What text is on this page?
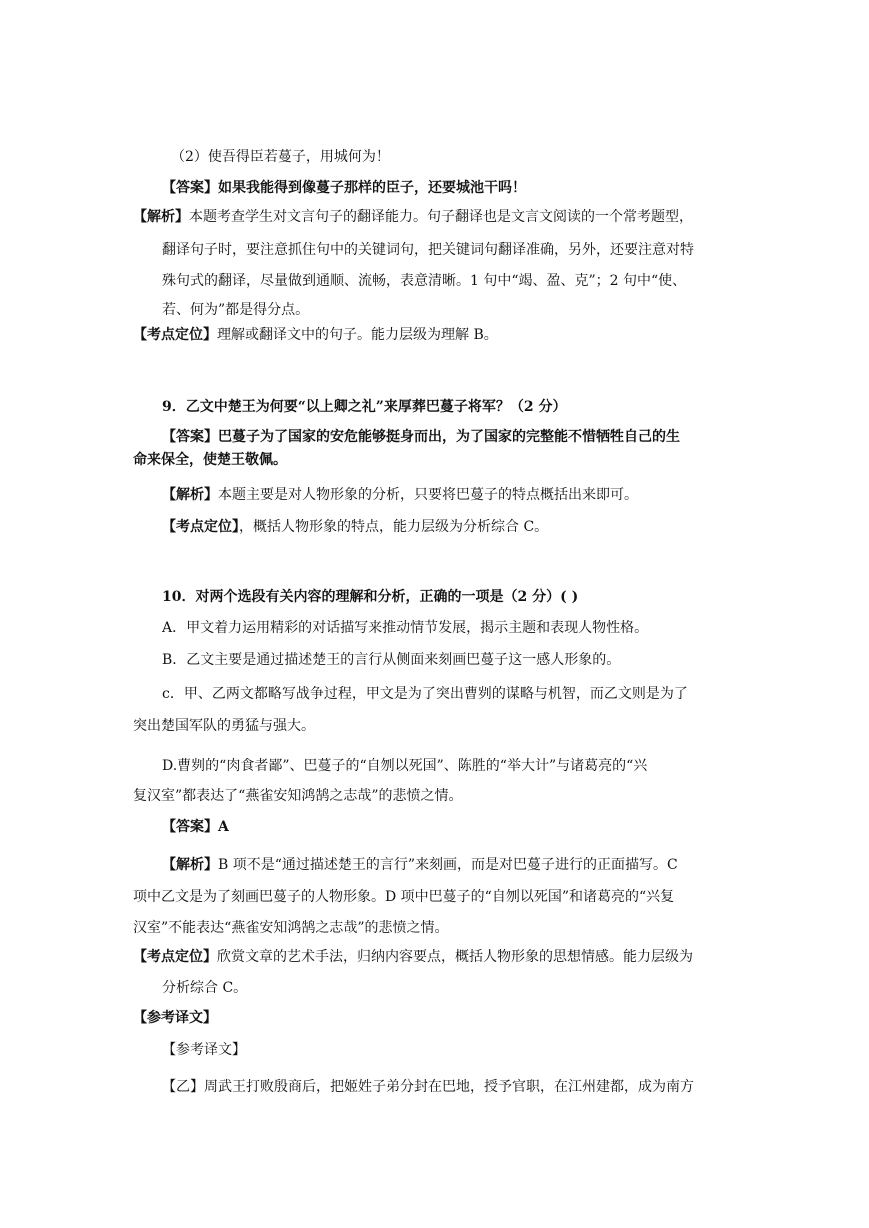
（2）使吾得臣若蔓子，用城何为！
【答案】如果我能得到像蔓子那样的臣子，还要城池干吗！
【解析】本题考查学生对文言句子的翻译能力。句子翻译也是文言文阅读的一个常考题型，
翻译句子时，要注意抓住句中的关键词句，把关键词句翻译准确，另外，还要注意对特
殊句式的翻译，尽量做到通顺、流畅，表意清晰。1 句中“竭、盈、克”；2 句中“使、
若、何为”都是得分点。
【考点定位】理解或翻译文中的句子。能力层级为理解 B。
9．乙文中楚王为何要“以上卿之礼”来厚葬巴蔓子将军？（2 分）
【答案】巴蔓子为了国家的安危能够挺身而出，为了国家的完整能不惜牺牲自己的生
命来保全，使楚王敬佩。
【解析】本题主要是对人物形象的分析，只要将巴蔓子的特点概括出来即可。
【考点定位】，概括人物形象的特点，能力层级为分析综合 C。
10．对两个选段有关内容的理解和分析，正确的一项是（2 分）( )
A．甲文着力运用精彩的对话描写来推动情节发展，揭示主题和表现人物性格。
B．乙文主要是通过描述楚王的言行从侧面来刻画巴蔓子这一感人形象的。
c．甲、乙两文都略写战争过程，甲文是为了突出曹刿的谋略与机智，而乙文则是为了
突出楚国军队的勇猛与强大。
D.曹刿的“肉食者鄙”、巴蔓子的“自刎以死国”、陈胜的“举大计”与诸葛亮的“兴
复汉室”都表达了“燕雀安知鸿鹄之志哉”的悲愤之情。
【答案】A
【解析】B 项不是“通过描述楚王的言行”来刻画，而是对巴蔓子进行的正面描写。C
项中乙文是为了刻画巴蔓子的人物形象。D 项中巴蔓子的“自刎以死国”和诸葛亮的“兴复
汉室”不能表达“燕雀安知鸿鹄之志哉”的悲愤之情。
【考点定位】欣赏文章的艺术手法，归纳内容要点，概括人物形象的思想情感。能力层级为
分析综合 C。
【参考译文】
【参考译文】
【乙】周武王打败殷商后，把姬姓子弟分封在巴地，授予官职，在江州建都，成为南方
